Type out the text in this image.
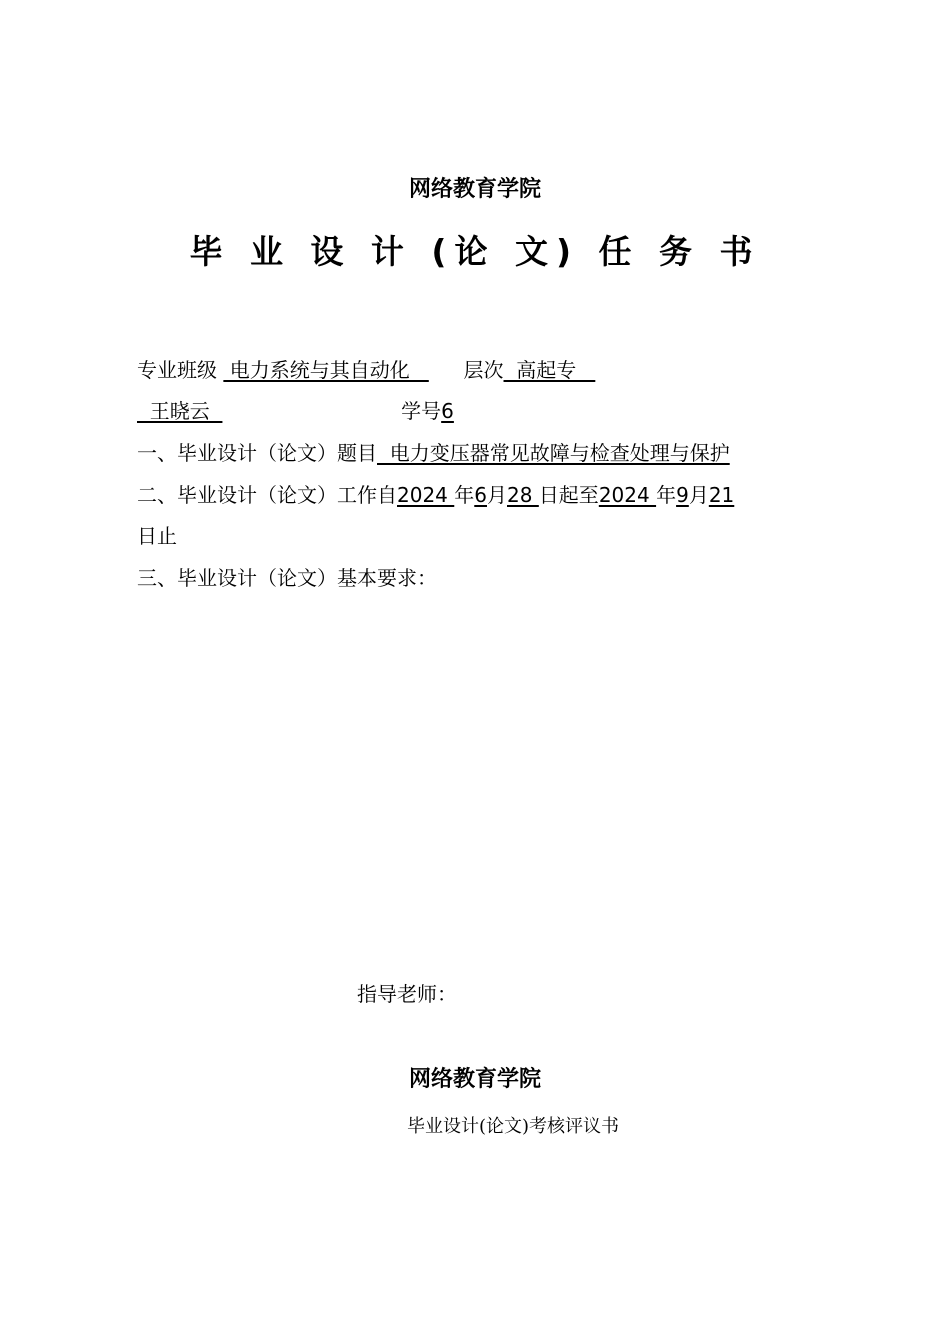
网络教育学院
毕 业 设 计 (论 文) 任 务 书
专业班级  电力系统与其自动化     层次  高起专
王晓云	学号6
一、毕业设计（论文）题目  电力变压器常见故障与检查处理与保护
二、毕业设计（论文）工作自2024 年6月28 日起至2024 年9月21
日止
三、毕业设计（论文）基本要求：
指导老师：
网络教育学院
毕业设计(论文)考核评议书
